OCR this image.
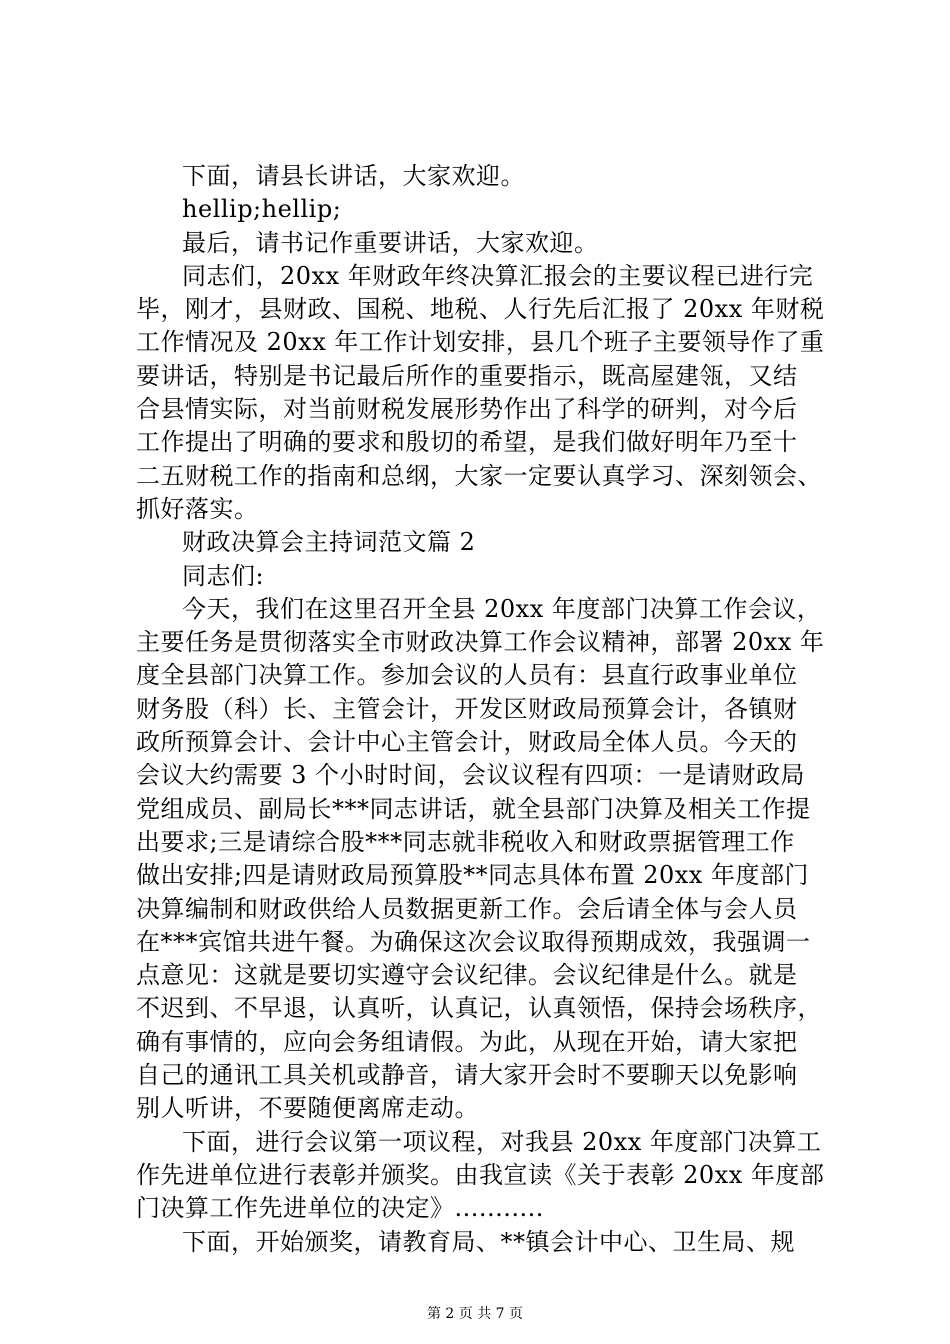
下面，请县长讲话，大家欢迎。
hellip;hellip;
最后，请书记作重要讲话，大家欢迎。
同志们，20xx 年财政年终决算汇报会的主要议程已进行完
毕，刚才，县财政、国税、地税、人行先后汇报了 20xx 年财税
工作情况及 20xx 年工作计划安排，县几个班子主要领导作了重
要讲话，特别是书记最后所作的重要指示，既高屋建瓴，又结
合县情实际，对当前财税发展形势作出了科学的研判，对今后
工作提出了明确的要求和殷切的希望，是我们做好明年乃至十
二五财税工作的指南和总纲，大家一定要认真学习、深刻领会、
抓好落实。
财政决算会主持词范文篇 2
同志们:
今天，我们在这里召开全县 20xx 年度部门决算工作会议，
主要任务是贯彻落实全市财政决算工作会议精神，部署 20xx 年
度全县部门决算工作。参加会议的人员有：县直行政事业单位
财务股（科）长、主管会计，开发区财政局预算会计，各镇财
政所预算会计、会计中心主管会计，财政局全体人员。今天的
会议大约需要 3 个小时时间，会议议程有四项：一是请财政局
党组成员、副局长***同志讲话，就全县部门决算及相关工作提
出要求;三是请综合股***同志就非税收入和财政票据管理工作
做出安排;四是请财政局预算股**同志具体布置 20xx 年度部门
决算编制和财政供给人员数据更新工作。会后请全体与会人员
在***宾馆共进午餐。为确保这次会议取得预期成效，我强调一
点意见：这就是要切实遵守会议纪律。会议纪律是什么。就是
不迟到、不早退，认真听，认真记，认真领悟，保持会场秩序，
确有事情的，应向会务组请假。为此，从现在开始，请大家把
自己的通讯工具关机或静音，请大家开会时不要聊天以免影响
别人听讲，不要随便离席走动。
下面，进行会议第一项议程，对我县 20xx 年度部门决算工
作先进单位进行表彰并颁奖。由我宣读《关于表彰 20xx 年度部
门决算工作先进单位的决定》...........
下面，开始颁奖，请教育局、**镇会计中心、卫生局、规
第 2 页 共 7 页
